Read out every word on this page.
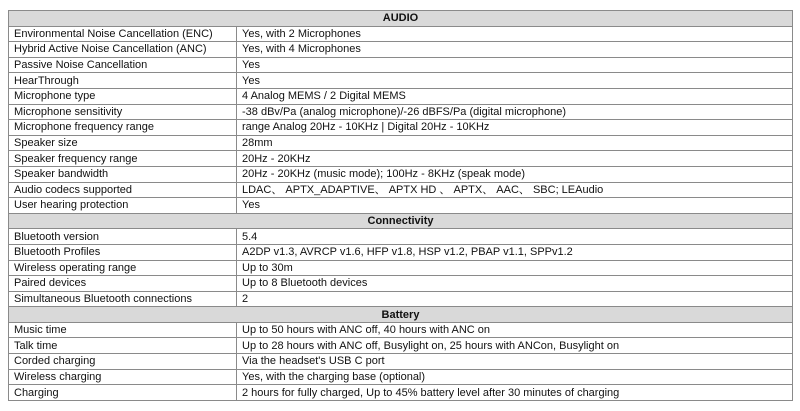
AUDIO	
Environmental Noise Cancellation (ENC)	Yes, with 2 Microphones
Hybrid Active Noise Cancellation (ANC)	Yes, with 4 Microphones
Passive Noise Cancellation	Yes
HearThrough	Yes
Microphone type	4 Analog MEMS / 2 Digital MEMS
Microphone sensitivity	-38 dBv/Pa (analog microphone)/-26 dBFS/Pa (digital microphone)
Microphone frequency range	range Analog 20Hz - 10KHz | Digital 20Hz - 10KHz
Speaker size	28mm
Speaker frequency range	20Hz - 20KHz
Speaker bandwidth	20Hz - 20KHz (music mode); 100Hz - 8KHz (speak mode)
Audio codecs supported	LDAC、 APTX_ADAPTIVE、 APTX HD 、 APTX、 AAC、 SBC; LEAudio
User hearing protection	Yes
Connectivity	
Bluetooth version	5.4
Bluetooth Profiles	A2DP v1.3, AVRCP v1.6, HFP v1.8, HSP v1.2, PBAP v1.1, SPPv1.2
Wireless operating range	Up to 30m
Paired devices	Up to 8 Bluetooth devices
Simultaneous Bluetooth connections	2
Battery	
Music time	Up to 50 hours with ANC off, 40 hours with ANC on
Talk time	Up to 28 hours with ANC off, Busylight on, 25 hours with ANCon, Busylight on
Corded charging	Via the headset's USB C port
Wireless charging	Yes, with the charging base (optional)
Charging	2 hours for fully charged, Up to 45% battery level after 30 minutes of charging
